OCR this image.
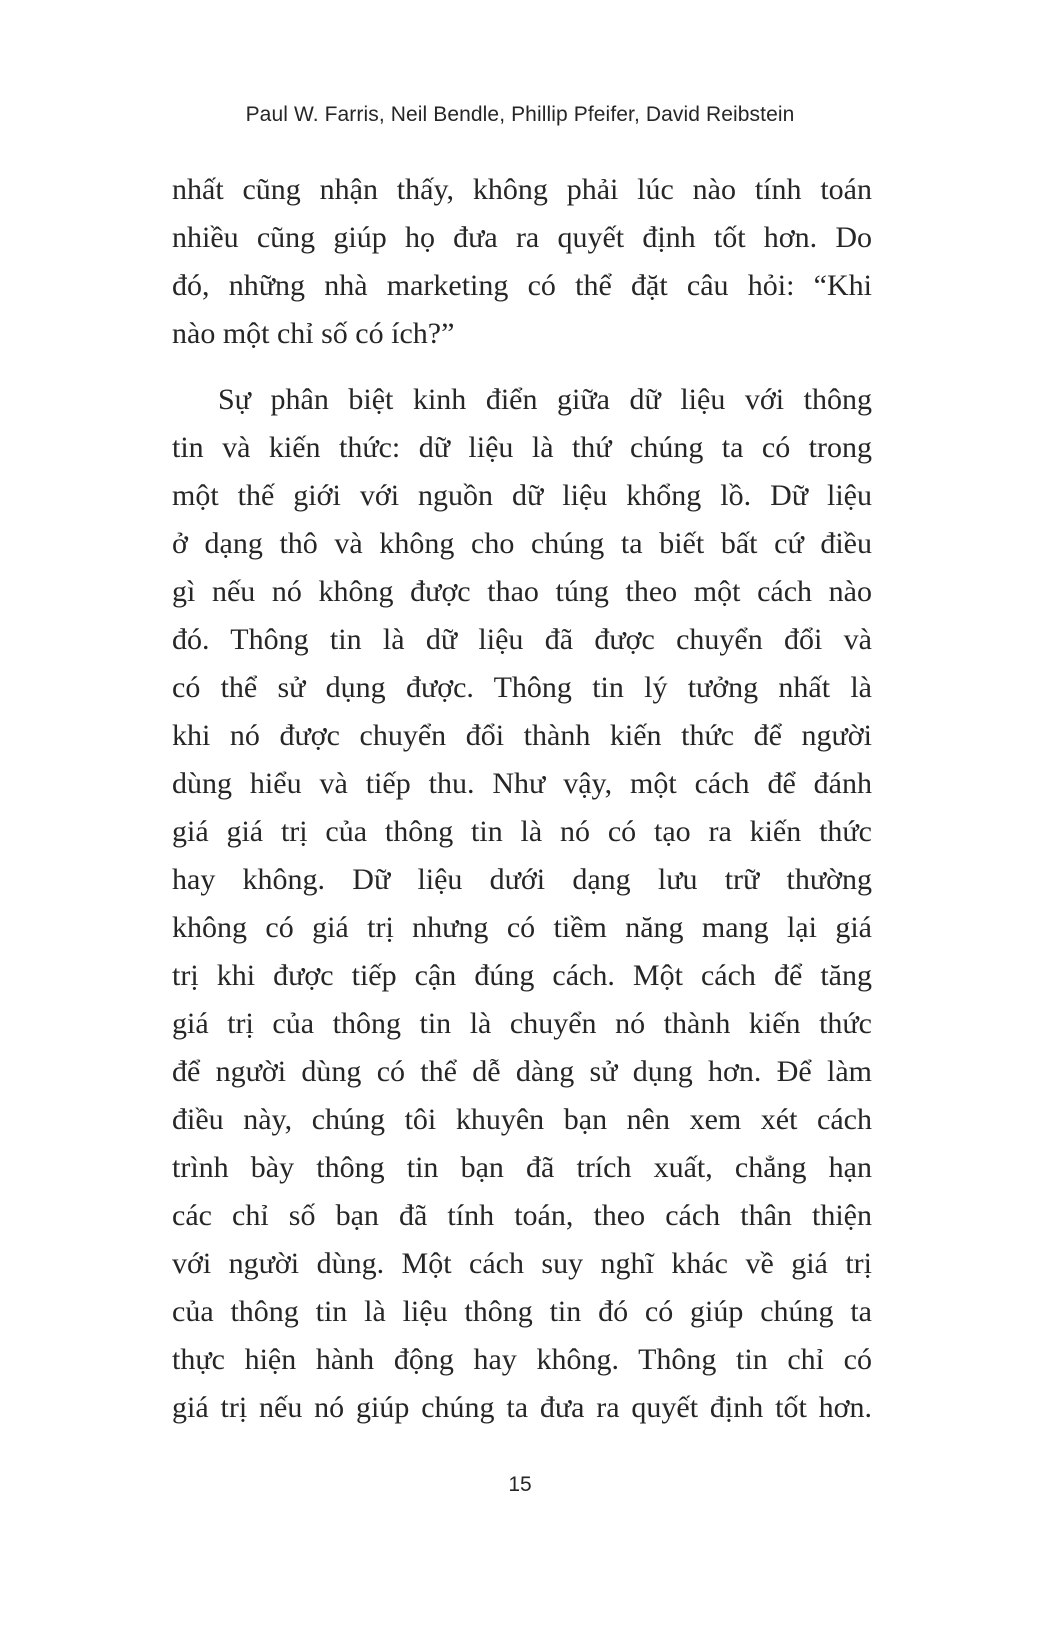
Paul W. Farris, Neil Bendle, Phillip Pfeifer, David Reibstein
nhất cũng nhận thấy, không phải lúc nào tính toán
nhiều cũng giúp họ đưa ra quyết định tốt hơn. Do
đó, những nhà marketing có thể đặt câu hỏi: “Khi
nào một chỉ số có ích?”
Sự phân biệt kinh điển giữa dữ liệu với thông
tin và kiến thức: dữ liệu là thứ chúng ta có trong
một thế giới với nguồn dữ liệu khổng lồ. Dữ liệu
ở dạng thô và không cho chúng ta biết bất cứ điều
gì nếu nó không được thao túng theo một cách nào
đó. Thông tin là dữ liệu đã được chuyển đổi và
có thể sử dụng được. Thông tin lý tưởng nhất là
khi nó được chuyển đổi thành kiến thức để người
dùng hiểu và tiếp thu. Như vậy, một cách để đánh
giá giá trị của thông tin là nó có tạo ra kiến thức
hay không. Dữ liệu dưới dạng lưu trữ thường
không có giá trị nhưng có tiềm năng mang lại giá
trị khi được tiếp cận đúng cách. Một cách để tăng
giá trị của thông tin là chuyển nó thành kiến thức
để người dùng có thể dễ dàng sử dụng hơn. Để làm
điều này, chúng tôi khuyên bạn nên xem xét cách
trình bày thông tin bạn đã trích xuất, chẳng hạn
các chỉ số bạn đã tính toán, theo cách thân thiện
với người dùng. Một cách suy nghĩ khác về giá trị
của thông tin là liệu thông tin đó có giúp chúng ta
thực hiện hành động hay không. Thông tin chỉ có
giá trị nếu nó giúp chúng ta đưa ra quyết định tốt hơn.
15
